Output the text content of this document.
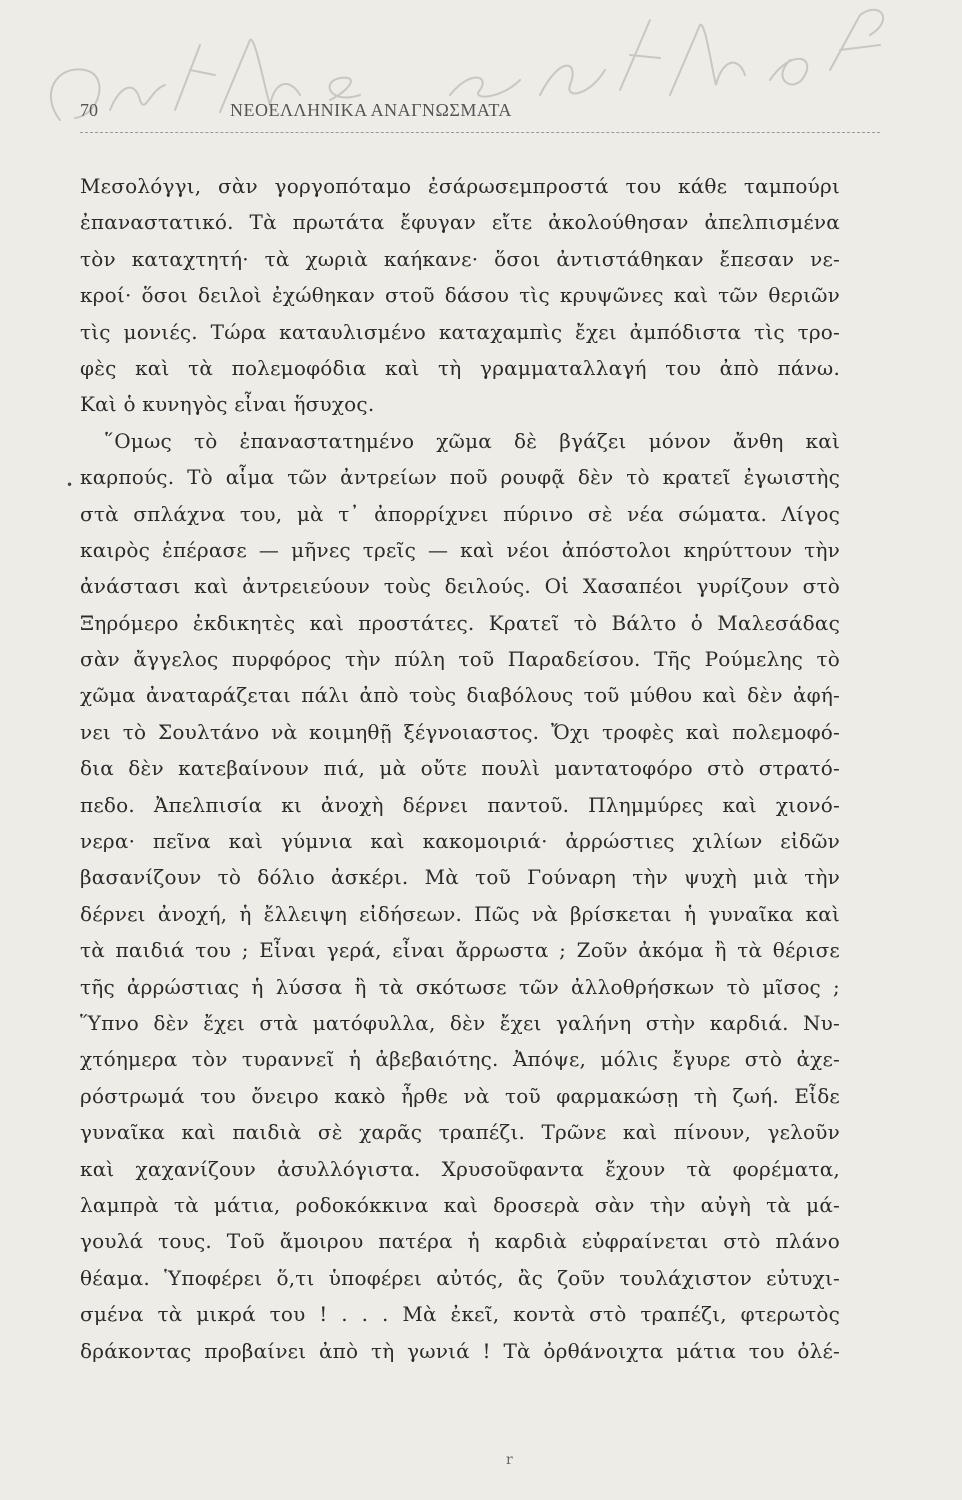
70	ΝΕΟΕΛΛΗΝΙΚΑ ΑΝΑΓΝΩΣΜΑΤΑ
Μεσολόγγι, σὰν γοργοπόταμο ἐσάρωσεμπροστά του κάθε ταμπούρι
ἐπαναστατικό. Τὰ πρωτάτα ἔφυγαν εἴτε ἀκολούθησαν ἀπελπισμένα
τὸν καταχτητή· τὰ χωριὰ καήκανε· ὅσοι ἀντιστάθηκαν ἔπεσαν νε-
κροί· ὅσοι δειλοὶ ἐχώθηκαν στοῦ δάσου τὶς κρυψῶνες καὶ τῶν θεριῶν
τὶς μονιές. Τώρα καταυλισμένο καταχαμπὶς ἔχει ἀμπόδιστα τὶς τρο-
φὲς καὶ τὰ πολεμοφόδια καὶ τὴ γραμματαλλαγή του ἀπὸ πάνω.
Καὶ ὁ κυνηγὸς εἶναι ἥσυχος.
῞Ομως τὸ ἐπαναστατημένο χῶμα δὲ βγάζει μόνον ἄνθη καὶ
καρπούς. Τὸ αἷμα τῶν ἀντρείων ποῦ ρουφᾷ δὲν τὸ κρατεῖ ἐγωιστὴς
στὰ σπλάχνα του, μὰ τ᾽ ἀπορρίχνει πύρινο σὲ νέα σώματα. Λίγος
καιρὸς ἐπέρασε — μῆνες τρεῖς — καὶ νέοι ἀπόστολοι κηρύττουν τὴν
ἀνάστασι καὶ ἀντρειεύουν τοὺς δειλούς. Οἱ Χασαπέοι γυρίζουν στὸ
Ξηρόμερο ἐκδικητὲς καὶ προστάτες. Κρατεῖ τὸ Βάλτο ὁ Μαλεσάδας
σὰν ἄγγελος πυρφόρος τὴν πύλη τοῦ Παραδείσου. Τῆς Ρούμελης τὸ
χῶμα ἀναταράζεται πάλι ἀπὸ τοὺς διαβόλους τοῦ μύθου καὶ δὲν ἀφή-
νει τὸ Σουλτάνο νὰ κοιμηθῇ ξέγνοιαστος. Ὄχι τροφὲς καὶ πολεμοφό-
δια δὲν κατεβαίνουν πιά, μὰ οὔτε πουλὶ μαντατοφόρο στὸ στρατό-
πεδο. Ἀπελπισία κι ἀνοχὴ δέρνει παντοῦ. Πλημμύρες καὶ χιονό-
νερα· πεῖνα καὶ γύμνια καὶ κακομοιριά· ἀρρώστιες χιλίων εἰδῶν
βασανίζουν τὸ δόλιο ἀσκέρι. Μὰ τοῦ Γούναρη τὴν ψυχὴ μιὰ τὴν
δέρνει ἀνοχή, ἡ ἔλλειψη εἰδήσεων. Πῶς νὰ βρίσκεται ἡ γυναῖκα καὶ
τὰ παιδιά του ; Εἶναι γερά, εἶναι ἄρρωστα ; Ζοῦν ἀκόμα ἢ τὰ θέρισε
τῆς ἀρρώστιας ἡ λύσσα ἢ τὰ σκότωσε τῶν ἀλλοθρήσκων τὸ μῖσος ;
Ὕπνο δὲν ἔχει στὰ ματόφυλλα, δὲν ἔχει γαλήνη στὴν καρδιά. Νυ-
χτόημερα τὸν τυραννεῖ ἡ ἀβεβαιότης. Ἀπόψε, μόλις ἔγυρε στὸ ἀχε-
ρόστρωμά του ὄνειρο κακὸ ἦρθε νὰ τοῦ φαρμακώσῃ τὴ ζωή. Εἶδε
γυναῖκα καὶ παιδιὰ σὲ χαρᾶς τραπέζι. Τρῶνε καὶ πίνουν, γελοῦν
καὶ χαχανίζουν ἀσυλλόγιστα. Χρυσοῦφαντα ἔχουν τὰ φορέματα,
λαμπρὰ τὰ μάτια, ροδοκόκκινα καὶ δροσερὰ σὰν τὴν αὐγὴ τὰ μά-
γουλά τους. Τοῦ ἄμοιρου πατέρα ἡ καρδιὰ εὐφραίνεται στὸ πλάνο
θέαμα. Ὑποφέρει ὅ,τι ὑποφέρει αὐτός, ἂς ζοῦν τουλάχιστον εὐτυχι-
σμένα τὰ μικρά του ! . . . Μὰ ἐκεῖ, κοντὰ στὸ τραπέζι, φτερωτὸς
δράκοντας προβαίνει ἀπὸ τὴ γωνιά ! Τὰ ὀρθάνοιχτα μάτια του ὀλέ-
•
r
